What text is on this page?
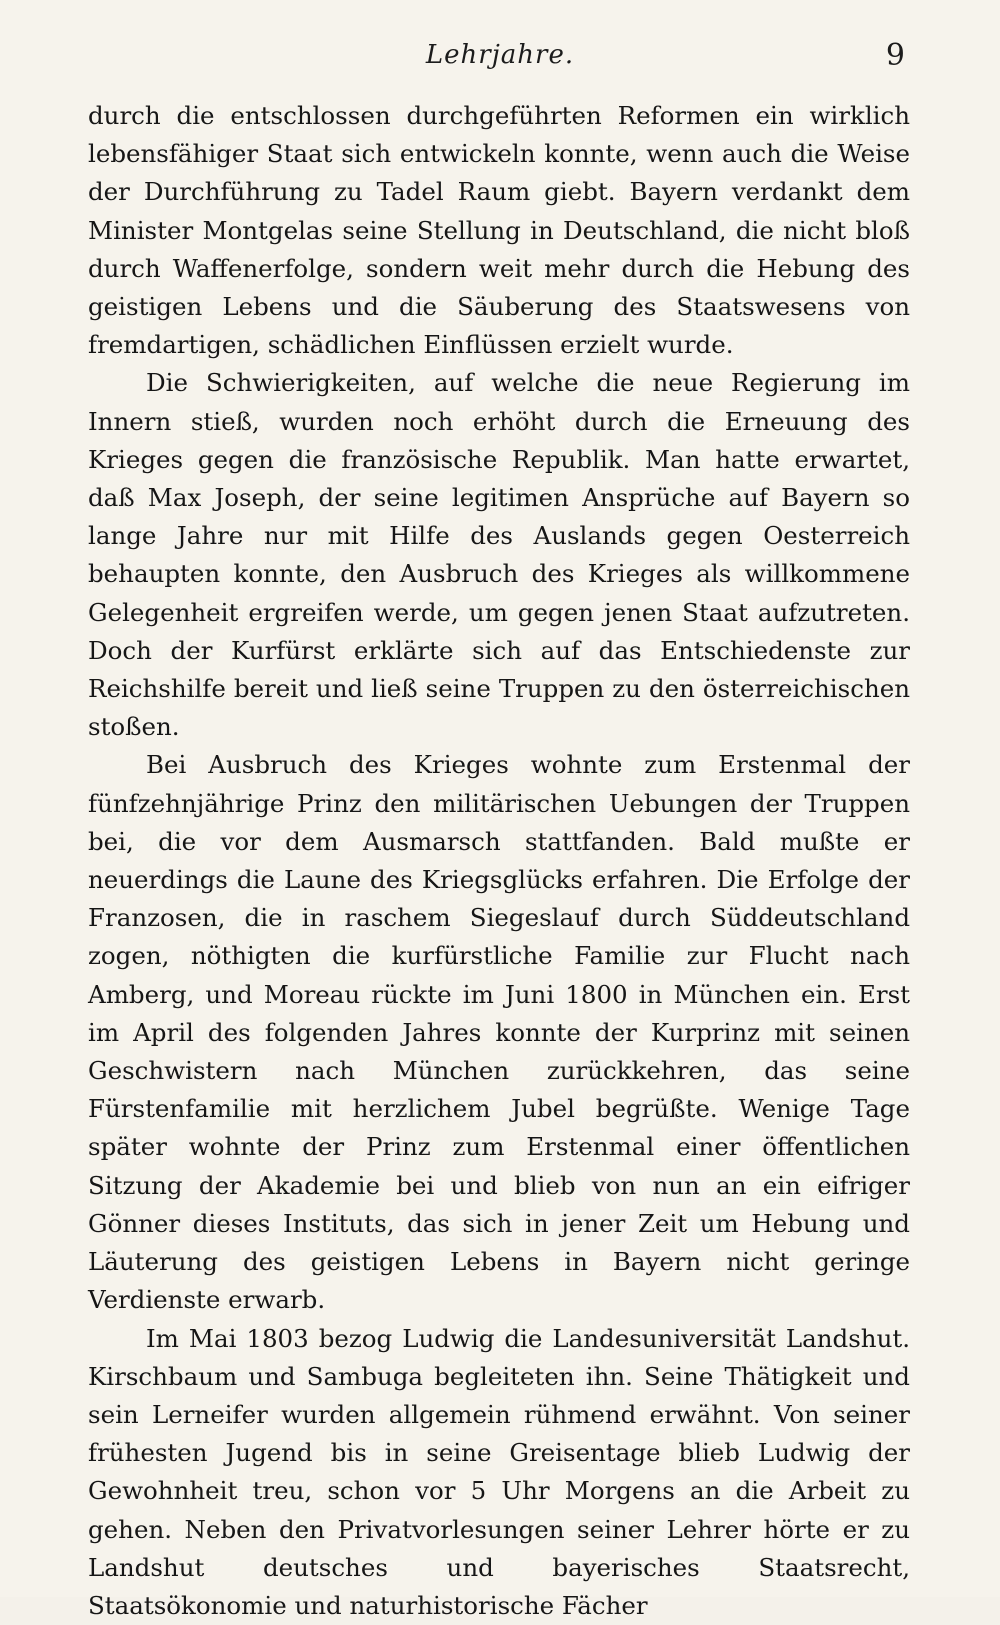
Lehrjahre.	9

durch die entschlossen durchgeführten Reformen ein wirklich lebensfähiger Staat sich entwickeln konnte, wenn auch die Weise der Durchführung zu Tadel Raum giebt. Bayern verdankt dem Minister Montgelas seine Stellung in Deutschland, die nicht bloß durch Waffenerfolge, sondern weit mehr durch die Hebung des geistigen Lebens und die Säuberung des Staatswesens von fremdartigen, schädlichen Einflüssen erzielt wurde.

Die Schwierigkeiten, auf welche die neue Regierung im Innern stieß, wurden noch erhöht durch die Erneuung des Krieges gegen die französische Republik. Man hatte erwartet, daß Max Joseph, der seine legitimen Ansprüche auf Bayern so lange Jahre nur mit Hilfe des Auslands gegen Oesterreich behaupten konnte, den Ausbruch des Krieges als willkommene Gelegenheit ergreifen werde, um gegen jenen Staat aufzutreten. Doch der Kurfürst erklärte sich auf das Entschiedenste zur Reichshilfe bereit und ließ seine Truppen zu den österreichischen stoßen.

Bei Ausbruch des Krieges wohnte zum Erstenmal der fünfzehnjährige Prinz den militärischen Uebungen der Truppen bei, die vor dem Ausmarsch stattfanden. Bald mußte er neuerdings die Laune des Kriegsglücks erfahren. Die Erfolge der Franzosen, die in raschem Siegeslauf durch Süddeutschland zogen, nöthigten die kurfürstliche Familie zur Flucht nach Amberg, und Moreau rückte im Juni 1800 in München ein. Erst im April des folgenden Jahres konnte der Kurprinz mit seinen Geschwistern nach München zurückkehren, das seine Fürstenfamilie mit herzlichem Jubel begrüßte. Wenige Tage später wohnte der Prinz zum Erstenmal einer öffentlichen Sitzung der Akademie bei und blieb von nun an ein eifriger Gönner dieses Instituts, das sich in jener Zeit um Hebung und Läuterung des geistigen Lebens in Bayern nicht geringe Verdienste erwarb.

Im Mai 1803 bezog Ludwig die Landesuniversität Landshut. Kirschbaum und Sambuga begleiteten ihn. Seine Thätigkeit und sein Lerneifer wurden allgemein rühmend erwähnt. Von seiner frühesten Jugend bis in seine Greisentage blieb Ludwig der Gewohnheit treu, schon vor 5 Uhr Morgens an die Arbeit zu gehen. Neben den Privatvorlesungen seiner Lehrer hörte er zu Landshut deutsches und bayerisches Staatsrecht, Staatsökonomie und naturhistorische Fächer
